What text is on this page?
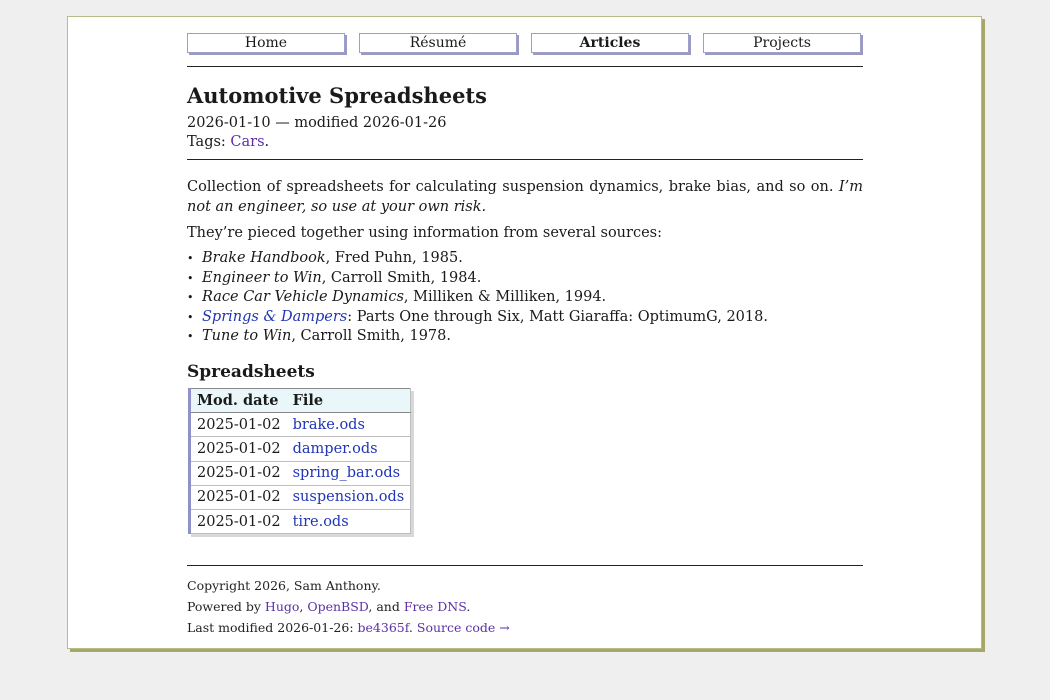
Home	Résumé	Articles	Projects
Automotive Spreadsheets
2026-01-10 — modified 2026-01-26
Tags: Cars.

Collection of spreadsheets for calculating suspension dynamics, brake bias, and so on. I’m not an engineer, so use at your own risk.

They’re pieced together using information from several sources:

• Brake Handbook, Fred Puhn, 1985.
• Engineer to Win, Carroll Smith, 1984.
• Race Car Vehicle Dynamics, Milliken & Milliken, 1994.
• Springs & Dampers: Parts One through Six, Matt Giaraffa: OptimumG, 2018.
• Tune to Win, Carroll Smith, 1978.
Spreadsheets
Mod. date	File
2025-01-02	brake.ods
2025-01-02	damper.ods
2025-01-02	spring_bar.ods
2025-01-02	suspension.ods
2025-01-02	tire.ods
Copyright 2026, Sam Anthony.
Powered by Hugo, OpenBSD, and Free DNS.
Last modified 2026-01-26: be4365f. Source code →
